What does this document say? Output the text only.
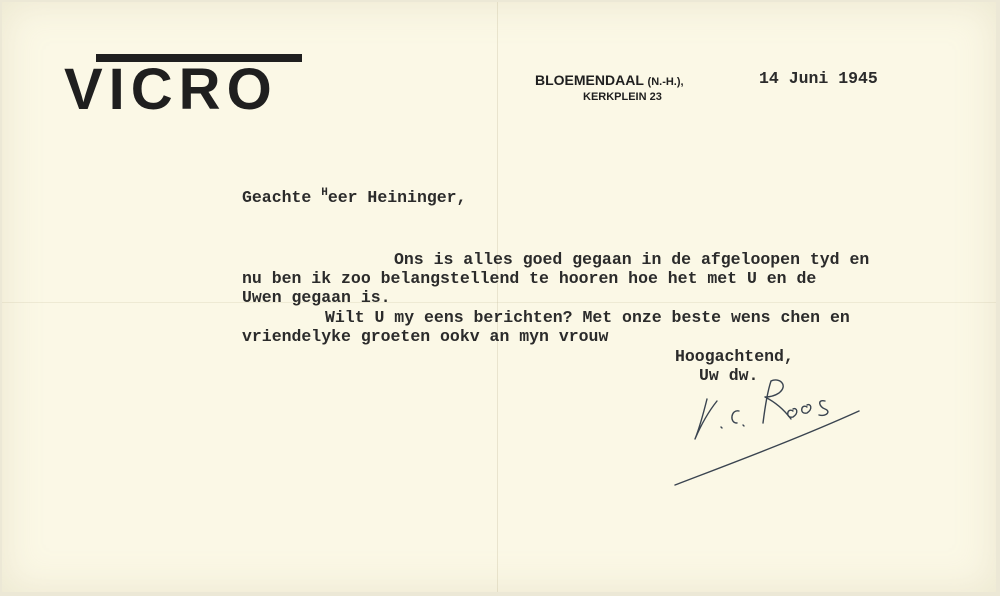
VICRO	BLOEMENDAAL (N.-H.),
KERKPLEIN 23
14 Juni 1945
Geachte $^H$eer Heininger,
Ons is alles goed gegaan in de afgeloopen tyd en
nu ben ik zoo belangstellend te hooren hoe het met U en de
Uwen gegaan is.
Wilt U my eens berichten? Met onze beste wens chen en
vriendelyke groeten ookv an myn vrouw
Hoogachtend,
Uw dw.
